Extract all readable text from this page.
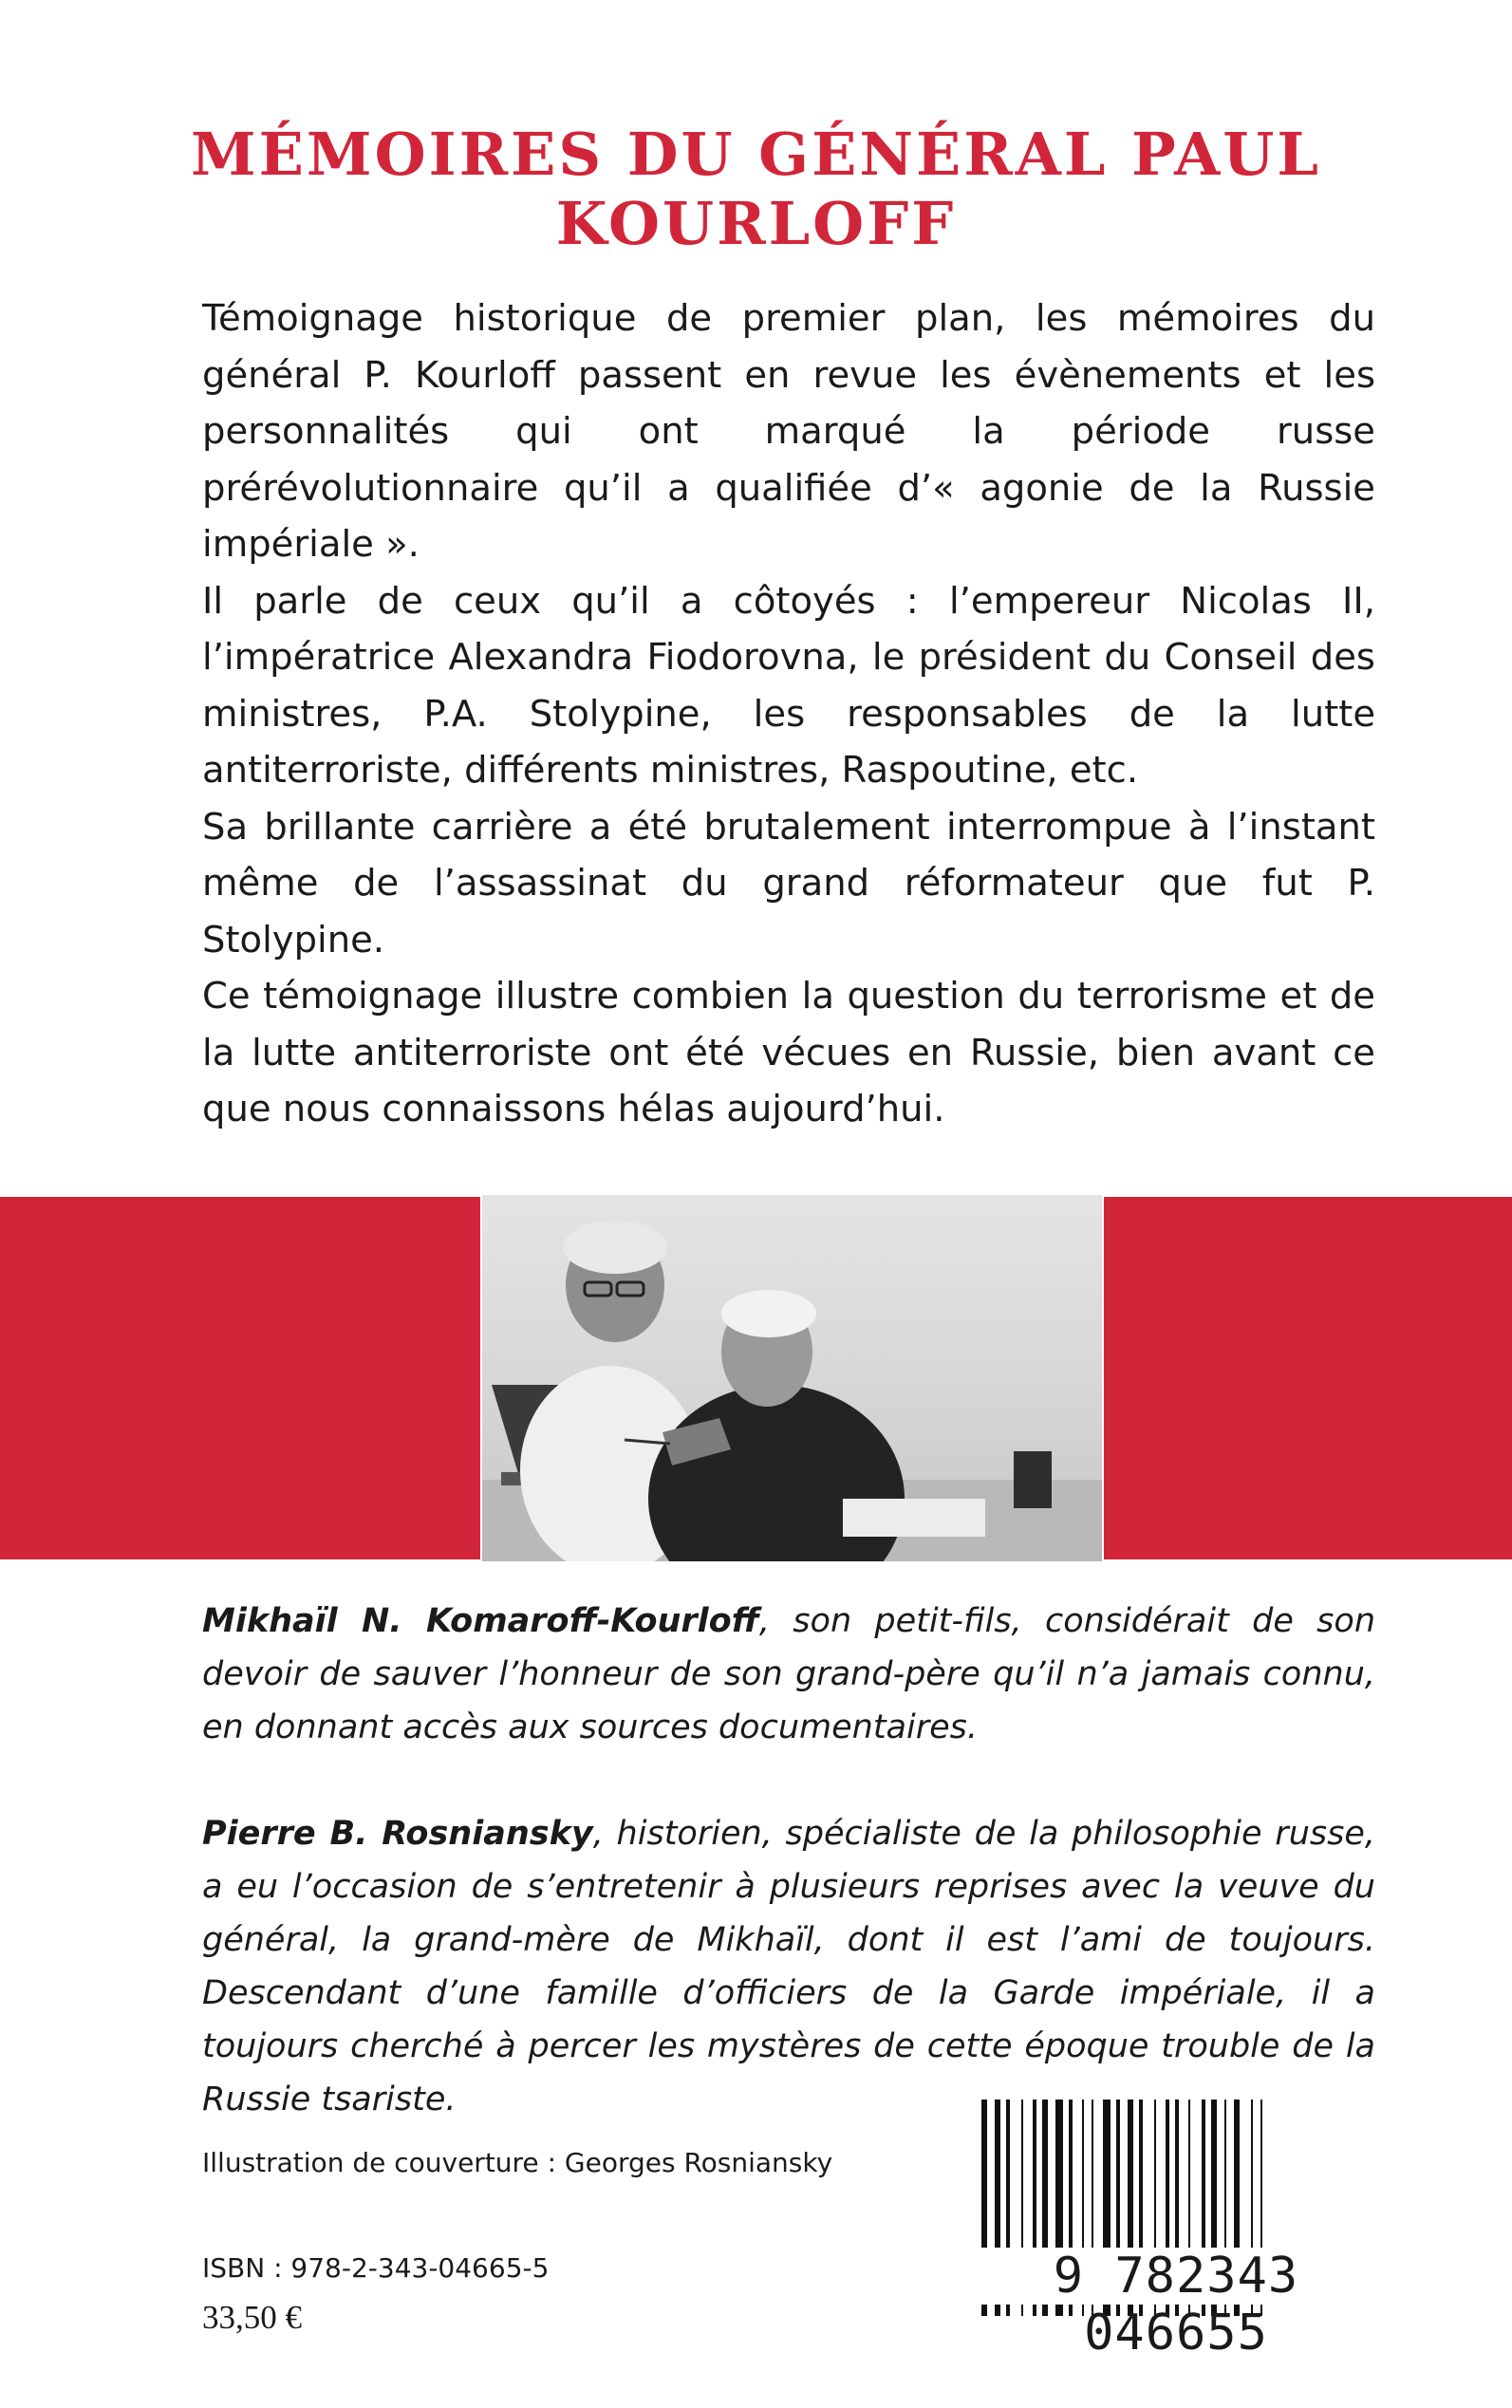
MÉMOIRES DU GÉNÉRAL PAUL KOURLOFF

Témoignage historique de premier plan, les mémoires du général P. Kourloff passent en revue les évènements et les personnalités qui ont marqué la période russe prérévolutionnaire qu’il a qualifiée d’« agonie de la Russie impériale ».

Il parle de ceux qu’il a côtoyés : l’empereur Nicolas II, l’impératrice Alexandra Fiodorovna, le président du Conseil des ministres, P.A. Stolypine, les responsables de la lutte antiterroriste, différents ministres, Raspoutine, etc.

Sa brillante carrière a été brutalement interrompue à l’instant même de l’assassinat du grand réformateur que fut P. Stolypine.

Ce témoignage illustre combien la question du terrorisme et de la lutte antiterroriste ont été vécues en Russie, bien avant ce que nous connaissons hélas aujourd’hui.

Mikhaïl N. Komaroff-Kourloff, son petit-fils, considérait de son devoir de sauver l’honneur de son grand-père qu’il n’a jamais connu, en donnant accès aux sources documentaires.

Pierre B. Rosniansky, historien, spécialiste de la philosophie russe, a eu l’occasion de s’entretenir à plusieurs reprises avec la veuve du général, la grand-mère de Mikhaïl, dont il est l’ami de toujours. Descendant d’une famille d’officiers de la Garde impériale, il a toujours cherché à percer les mystères de cette époque trouble de la Russie tsariste.

Illustration de couverture : Georges Rosniansky
ISBN : 978-2-343-04665-5
33,50 €
9 782343 046655
